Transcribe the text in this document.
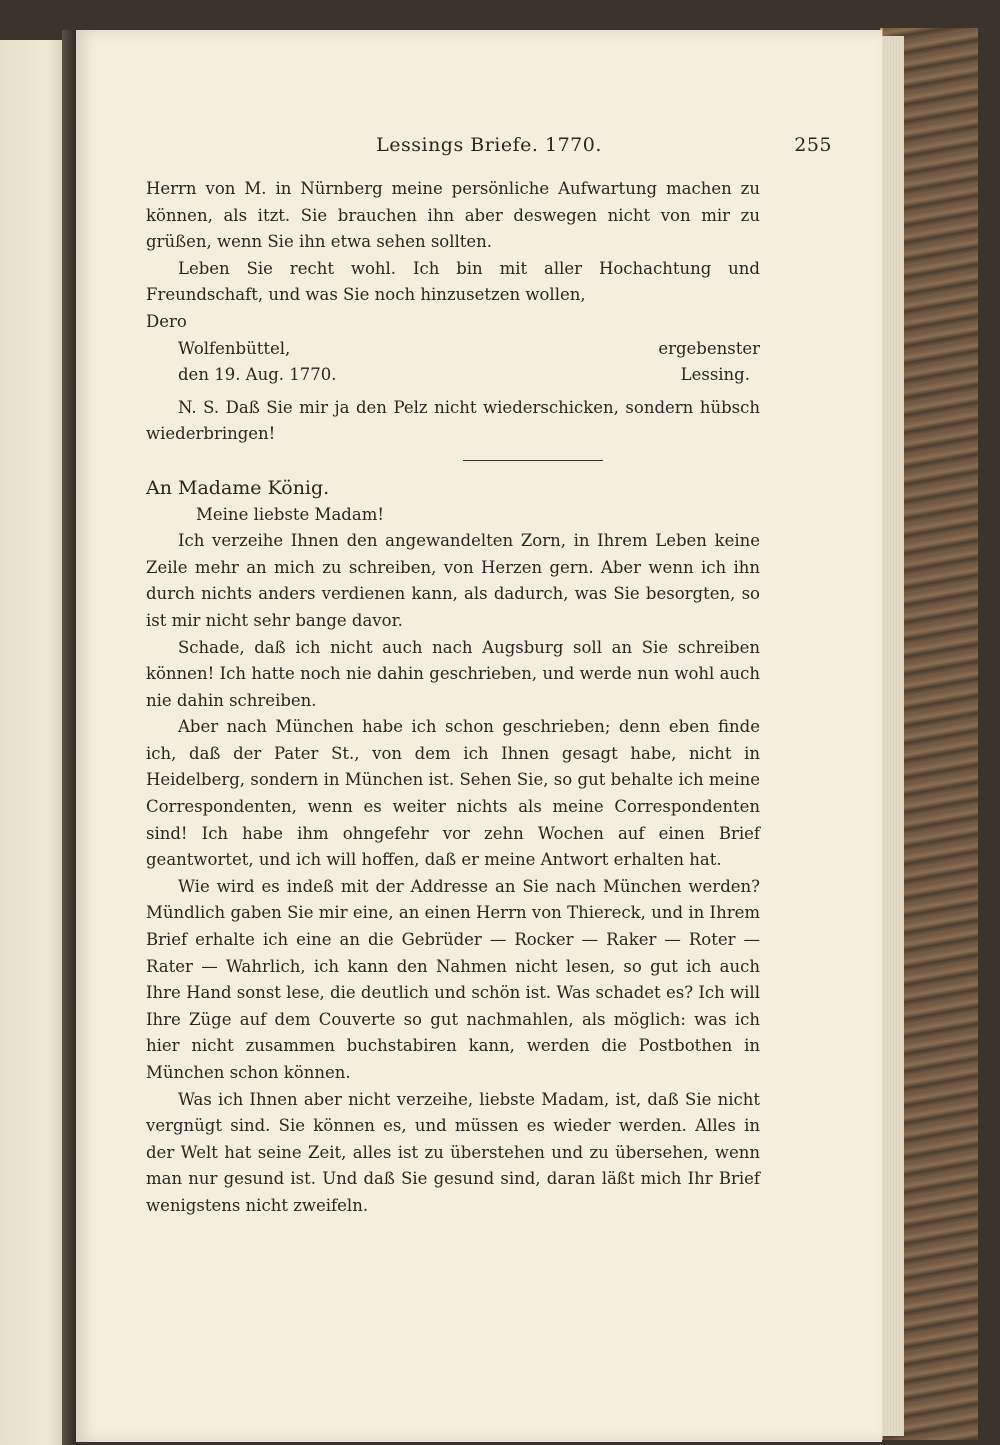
Lessings Briefe. 1770.	255

Herrn von M. in Nürnberg meine persönliche Aufwartung machen zu können, als itzt. Sie brauchen ihn aber deswegen nicht von mir zu grüßen, wenn Sie ihn etwa sehen sollten.

Leben Sie recht wohl. Ich bin mit aller Hochachtung und Freundschaft, und was Sie noch hinzusetzen wollen,

Dero

Wolfenbüttel,	ergebenster
den 19. Aug. 1770.	Lessing.

N. S. Daß Sie mir ja den Pelz nicht wiederschicken, sondern hübsch wiederbringen!

An Madame König.

Meine liebste Madam!

Ich verzeihe Ihnen den angewandelten Zorn, in Ihrem Leben keine Zeile mehr an mich zu schreiben, von Herzen gern. Aber wenn ich ihn durch nichts anders verdienen kann, als dadurch, was Sie besorgten, so ist mir nicht sehr bange davor.

Schade, daß ich nicht auch nach Augsburg soll an Sie schreiben können! Ich hatte noch nie dahin geschrieben, und werde nun wohl auch nie dahin schreiben.

Aber nach München habe ich schon geschrieben; denn eben finde ich, daß der Pater St., von dem ich Ihnen gesagt habe, nicht in Heidelberg, sondern in München ist. Sehen Sie, so gut behalte ich meine Correspondenten, wenn es weiter nichts als meine Correspondenten sind! Ich habe ihm ohngefehr vor zehn Wochen auf einen Brief geantwortet, und ich will hoffen, daß er meine Antwort erhalten hat.

Wie wird es indeß mit der Addresse an Sie nach München werden? Mündlich gaben Sie mir eine, an einen Herrn von Thiereck, und in Ihrem Brief erhalte ich eine an die Gebrüder — Rocker — Raker — Roter — Rater — Wahrlich, ich kann den Nahmen nicht lesen, so gut ich auch Ihre Hand sonst lese, die deutlich und schön ist. Was schadet es? Ich will Ihre Züge auf dem Couverte so gut nachmahlen, als möglich: was ich hier nicht zusammen buchstabiren kann, werden die Postbothen in München schon können.

Was ich Ihnen aber nicht verzeihe, liebste Madam, ist, daß Sie nicht vergnügt sind. Sie können es, und müssen es wieder werden. Alles in der Welt hat seine Zeit, alles ist zu überstehen und zu übersehen, wenn man nur gesund ist. Und daß Sie gesund sind, daran läßt mich Ihr Brief wenigstens nicht zweifeln.
